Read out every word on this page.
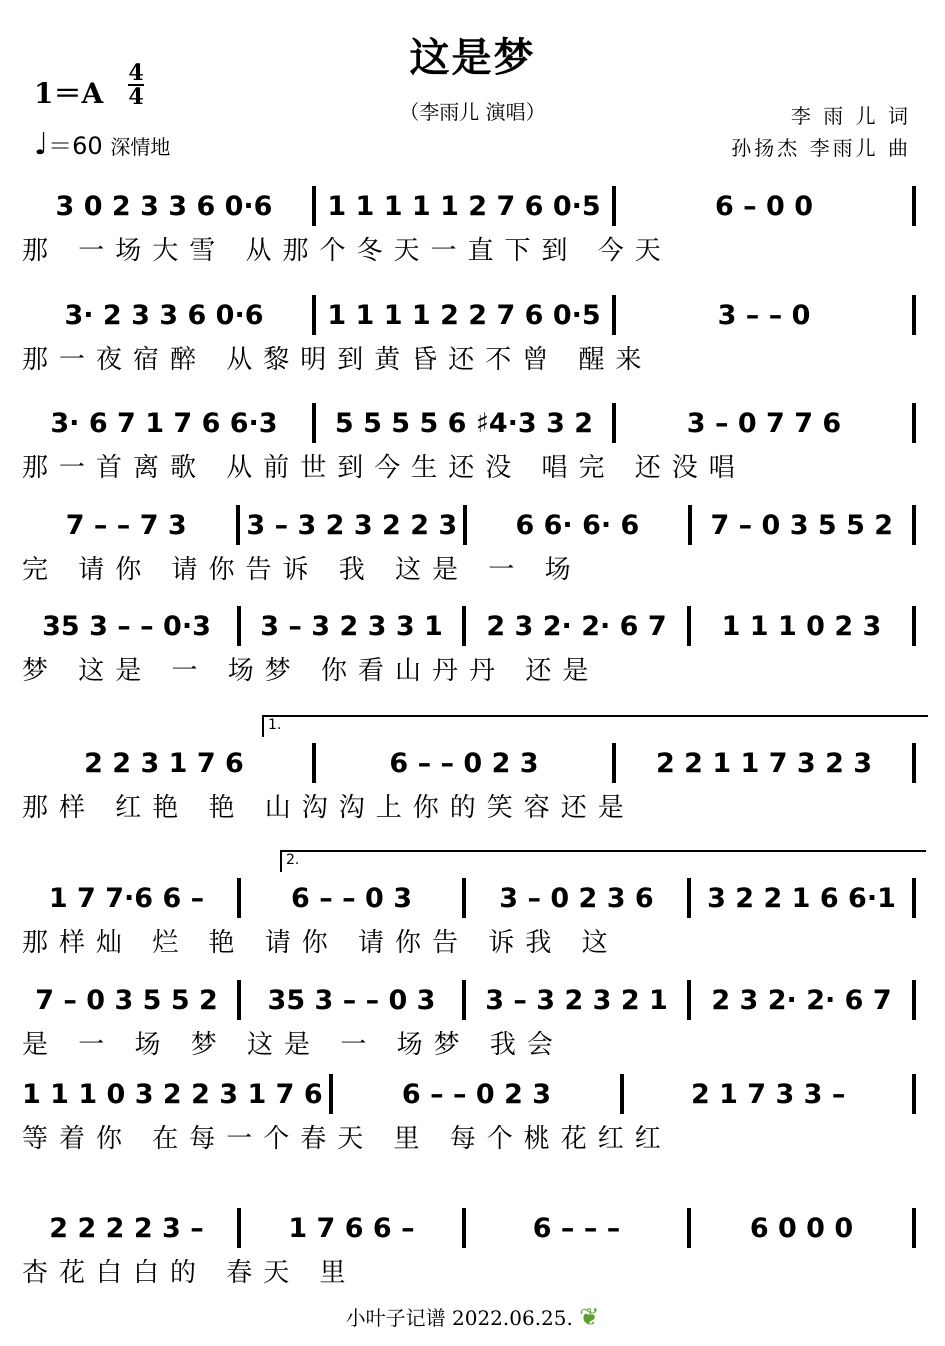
这是梦
（李雨儿 演唱）
1＝A
4
4
♩＝60 深情地
李 雨 儿 词
孙扬杰 李雨儿 曲
3 0 2 3 3 6 0·6	1 1 1 1 1 2 7 6 0·5	6 – 0 0
那 一场大雪 从那个冬天一直下到 今天
3· 2 3 3 6 0·6	1 1 1 1 2 2 7 6 0·5	3 – – 0
那一夜宿醉 从黎明到黄昏还不曾 醒来
3· 6 7 1 7 6 6·3	5 5 5 5 6 ♯4·3 3 2	3 – 0 7 7 6
那一首离歌 从前世到今生还没 唱完 还没唱
7 – – 7 3	3 – 3 2 3 2 2 3	6 6· 6· 6	7 – 0 3 5 5 2
完 请你 请你告诉 我 这是 一 场
35 3 – – 0·3	3 – 3 2 3 3 1	2 3 2· 2· 6 7	1 1 1 0 2 3
梦 这是 一 场梦 你看山丹丹 还是
1.
2 2 3 1 7 6	6 – – 0 2 3	2 2 1 1 7 3 2 3
那样 红艳 艳 山沟沟上你的笑容还是
2.
1 7 7·6 6 –	6 – – 0 3	3 – 0 2 3 6	3 2 2 1 6 6·1
那样灿 烂 艳 请你 请你告 诉我 这
7 – 0 3 5 5 2	35 3 – – 0 3	3 – 3 2 3 2 1	2 3 2· 2· 6 7
是 一 场 梦 这是 一 场梦 我会
1 1 1 0 3 2 2 3 1 7 6	6 – – 0 2 3	2 1 7 3 3 –
等着你 在每一个春天 里 每个桃花红红
2 2 2 2 3 –	1 7 6 6 –	6 – – –	6 0 0 0
杏花白白的 春天 里
小叶子记谱 2022.06.25. ❦
